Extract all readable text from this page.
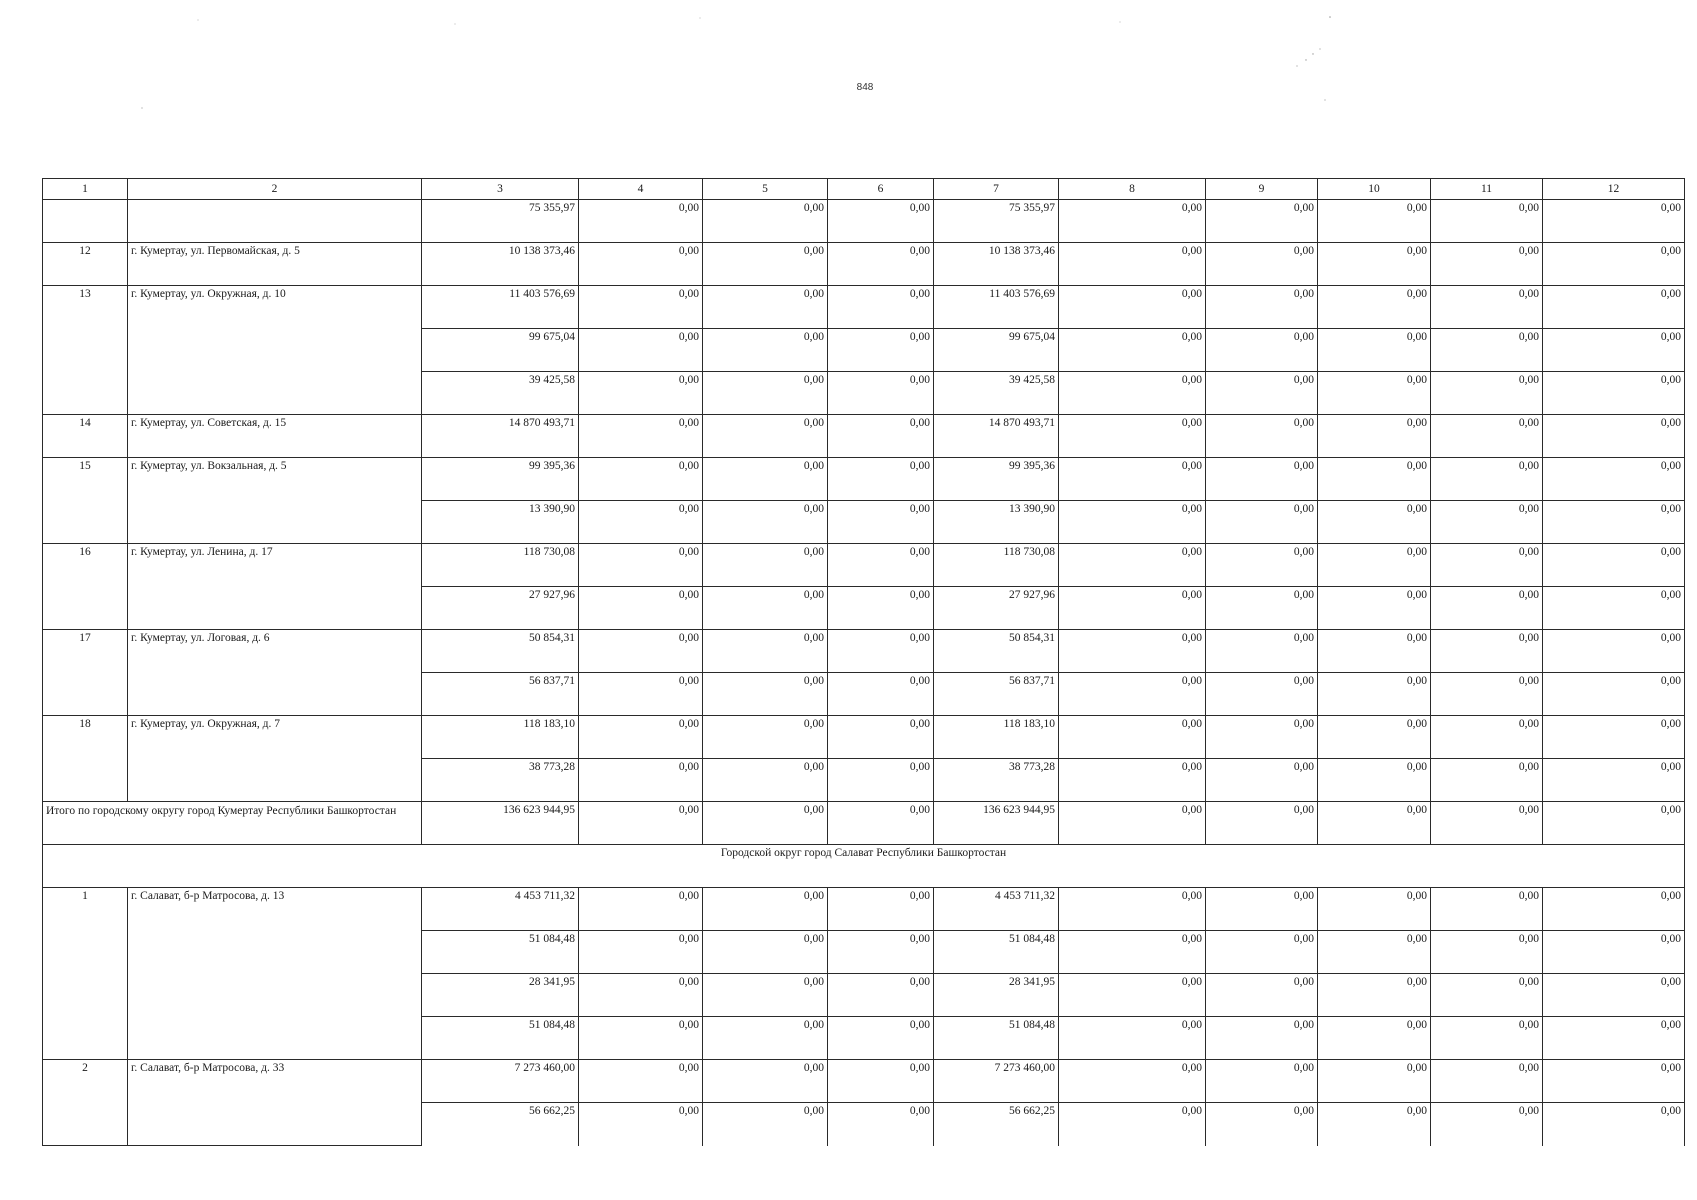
848
1	2	3	4	5	6	7	8	9	10	11	12
		75 355,97	0,00	0,00	0,00	75 355,97	0,00	0,00	0,00	0,00	0,00
12	г. Кумертау, ул. Первомайская, д. 5	10 138 373,46	0,00	0,00	0,00	10 138 373,46	0,00	0,00	0,00	0,00	0,00
13	г. Кумертау, ул. Окружная, д. 10	11 403 576,69	0,00	0,00	0,00	11 403 576,69	0,00	0,00	0,00	0,00	0,00
		99 675,04	0,00	0,00	0,00	99 675,04	0,00	0,00	0,00	0,00	0,00
		39 425,58	0,00	0,00	0,00	39 425,58	0,00	0,00	0,00	0,00	0,00
14	г. Кумертау, ул. Советская, д. 15	14 870 493,71	0,00	0,00	0,00	14 870 493,71	0,00	0,00	0,00	0,00	0,00
15	г. Кумертау, ул. Вокзальная, д. 5	99 395,36	0,00	0,00	0,00	99 395,36	0,00	0,00	0,00	0,00	0,00
		13 390,90	0,00	0,00	0,00	13 390,90	0,00	0,00	0,00	0,00	0,00
16	г. Кумертау, ул. Ленина, д. 17	118 730,08	0,00	0,00	0,00	118 730,08	0,00	0,00	0,00	0,00	0,00
		27 927,96	0,00	0,00	0,00	27 927,96	0,00	0,00	0,00	0,00	0,00
17	г. Кумертау, ул. Логовая, д. 6	50 854,31	0,00	0,00	0,00	50 854,31	0,00	0,00	0,00	0,00	0,00
		56 837,71	0,00	0,00	0,00	56 837,71	0,00	0,00	0,00	0,00	0,00
18	г. Кумертау, ул. Окружная, д. 7	118 183,10	0,00	0,00	0,00	118 183,10	0,00	0,00	0,00	0,00	0,00
		38 773,28	0,00	0,00	0,00	38 773,28	0,00	0,00	0,00	0,00	0,00
Итого по городскому округу город Кумертау Республики Башкортостан		136 623 944,95	0,00	0,00	0,00	136 623 944,95	0,00	0,00	0,00	0,00	0,00
Городской округ город Салават Республики Башкортостан											
1	г. Салават, б-р Матросова, д. 13	4 453 711,32	0,00	0,00	0,00	4 453 711,32	0,00	0,00	0,00	0,00	0,00
		51 084,48	0,00	0,00	0,00	51 084,48	0,00	0,00	0,00	0,00	0,00
		28 341,95	0,00	0,00	0,00	28 341,95	0,00	0,00	0,00	0,00	0,00
		51 084,48	0,00	0,00	0,00	51 084,48	0,00	0,00	0,00	0,00	0,00
2	г. Салават, б-р Матросова, д. 33	7 273 460,00	0,00	0,00	0,00	7 273 460,00	0,00	0,00	0,00	0,00	0,00
		56 662,25	0,00	0,00	0,00	56 662,25	0,00	0,00	0,00	0,00	0,00
